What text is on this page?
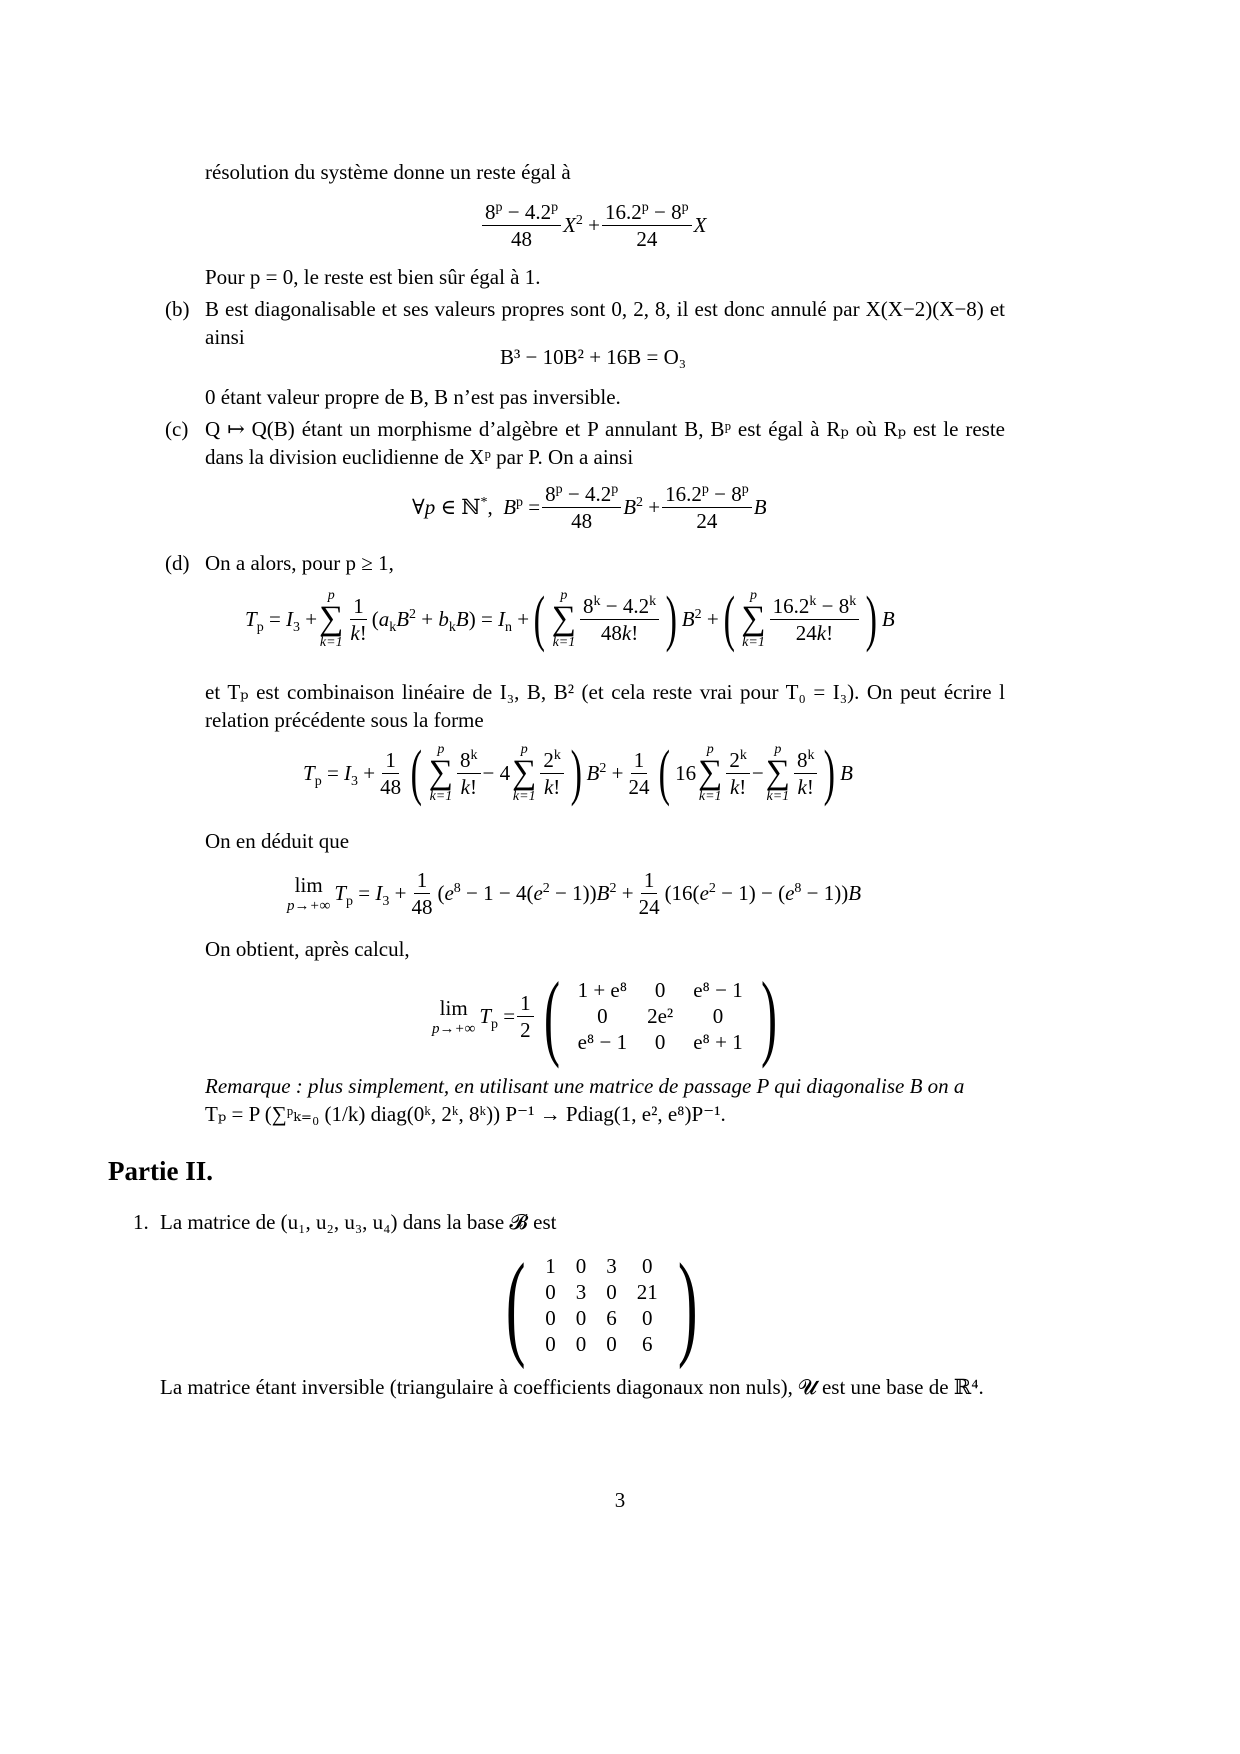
résolution du système donne un reste égal à
$\frac{8^p - 4.2^p}{48} X^2 + \frac{16.2^p - 8^p}{24}$ X
Pour p = 0, le reste est bien sûr égal à 1.
(b) B est diagonalisable et ses valeurs propres sont 0, 2, 8, il est donc annulé par X(X−2)(X−8) et ainsi
B³ − 10B² + 16B = O₃
0 étant valeur propre de B, B n’est pas inversible.
(c) Q ↦ Q(B) étant un morphisme d’algèbre et P annulant B, Bᵖ est égal à Rₚ où Rₚ est le reste dans la division euclidienne de Xᵖ par P. On a ainsi
∀p ∈ ℕ*,  $B^p = \frac{8^p - 4.2^p}{48} B^2 + \frac{16.2^p - 8^p}{24}$ B
(d) On a alors, pour p ≥ 1,
$T_p = I_3$ +
p
∑
$k=1 \frac{1}{k!} (a_kB^2 + b_kB) = I_n$ + ( p
∑
$k=1 \frac{8^k - 4.2^k}{48k!}$ ) $B^2$ + ( p
∑
$k=1 \frac{16.2^k - 8^k}{24k!}$ ) B
et Tₚ est combinaison linéaire de I₃, B, B² (et cela reste vrai pour T₀ = I₃). On peut écrire l relation précédente sous la forme
$T_p = I_3 + \frac{1}{48}$ ( p
∑
$k=1 \frac{8^k}{k!} - 4$
p
∑
$k=1 \frac{2^k}{k!}$ ) $B^2 + \frac{1}{24}$ ( 16
p
∑
$k=1 \frac{2^k}{k!}$ −
p
∑
$k=1 \frac{8^k}{k!}$ ) B
On en déduit que
lim
p→+∞
$T_p = I_3 + \frac{1}{48} (e^8 - 1 - 4(e^2 - 1))B^2 + \frac{1}{24} (16(e^2 - 1) - (e^8 - 1))B$
On obtient, après calcul,
lim
p→+∞
$T_p = \frac{1}{2}$ ( 1 + e⁸	0	e⁸ − 1
0	2e²	0
e⁸ − 1	0	e⁸ + 1 )
Remarque : plus simplement, en utilisant une matrice de passage P qui diagonalise B on a
Tₚ = P (∑ᵖₖ₌₀ (1/k) diag(0ᵏ, 2ᵏ, 8ᵏ)) P⁻¹ → Pdiag(1, e², e⁸)P⁻¹.
Partie II.
1. La matrice de (u₁, u₂, u₃, u₄) dans la base 𝓑 est
( 1	0	3	0
0	3	0	21
0	0	6	0
0	0	0	6 )
La matrice étant inversible (triangulaire à coefficients diagonaux non nuls), 𝓤 est une base de ℝ⁴.
3
